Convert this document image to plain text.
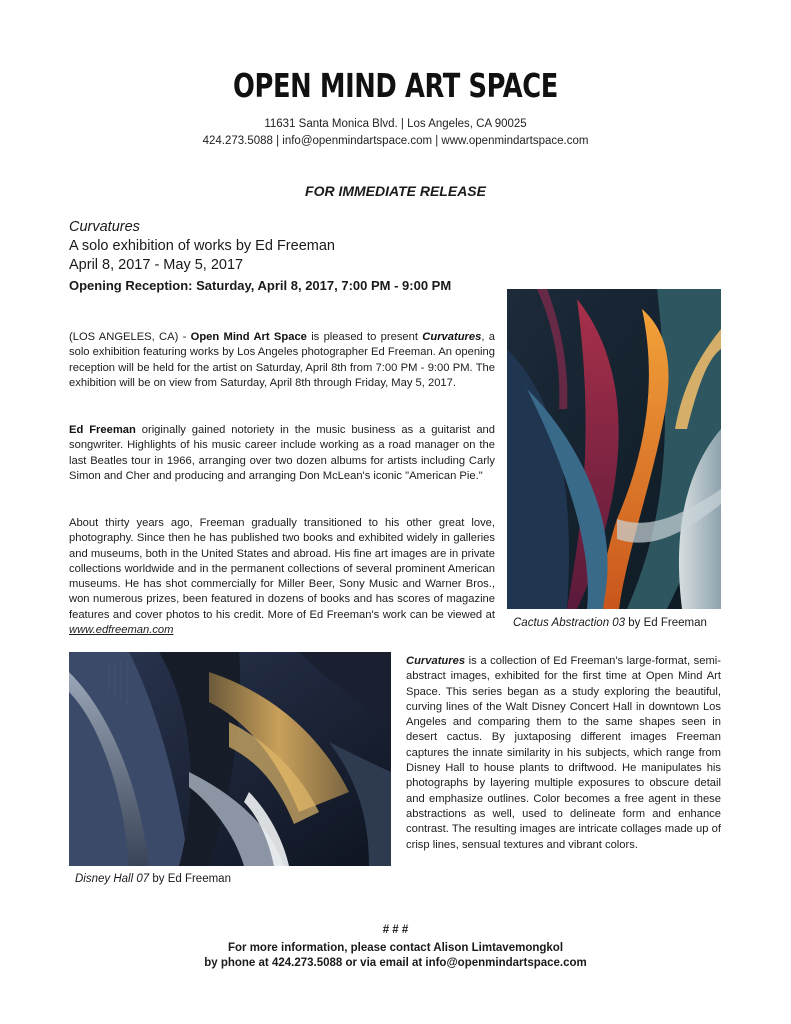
OPEN MIND ART SPACE
11631 Santa Monica Blvd. | Los Angeles, CA 90025
424.273.5088 | info@openmindartspace.com | www.openmindartspace.com
FOR IMMEDIATE RELEASE
Curvatures
A solo exhibition of works by Ed Freeman
April 8, 2017 - May 5, 2017
Opening Reception: Saturday, April 8, 2017, 7:00 PM - 9:00 PM
(LOS ANGELES, CA) - Open Mind Art Space is pleased to present Curvatures, a solo exhibition featuring works by Los Angeles photographer Ed Freeman. An opening reception will be held for the artist on Saturday, April 8th from 7:00 PM - 9:00 PM. The exhibition will be on view from Saturday, April 8th through Friday, May 5, 2017.
Ed Freeman originally gained notoriety in the music business as a guitarist and songwriter. Highlights of his music career include working as a road manager on the last Beatles tour in 1966, arranging over two dozen albums for artists including Carly Simon and Cher and producing and arranging Don McLean's iconic "American Pie."
About thirty years ago, Freeman gradually transitioned to his other great love, photography. Since then he has published two books and exhibited widely in galleries and museums, both in the United States and abroad. His fine art images are in private collections worldwide and in the permanent collections of several prominent American museums. He has shot commercially for Miller Beer, Sony Music and Warner Bros., won numerous prizes, been featured in dozens of books and has scores of magazine features and cover photos to his credit. More of Ed Freeman's work can be viewed at www.edfreeman.com
Cactus Abstraction 03 by Ed Freeman
Disney Hall 07 by Ed Freeman
Curvatures is a collection of Ed Freeman's large-format, semi-abstract images, exhibited for the first time at Open Mind Art Space. This series began as a study exploring the beautiful, curving lines of the Walt Disney Concert Hall in downtown Los Angeles and comparing them to the same shapes seen in desert cactus. By juxtaposing different images Freeman captures the innate similarity in his subjects, which range from Disney Hall to house plants to driftwood. He manipulates his photographs by layering multiple exposures to obscure detail and emphasize outlines. Color becomes a free agent in these abstractions as well, used to delineate form and enhance contrast. The resulting images are intricate collages made up of crisp lines, sensual textures and vibrant colors.
# # #
For more information, please contact Alison Limtavemongkol
by phone at 424.273.5088 or via email at info@openmindartspace.com
